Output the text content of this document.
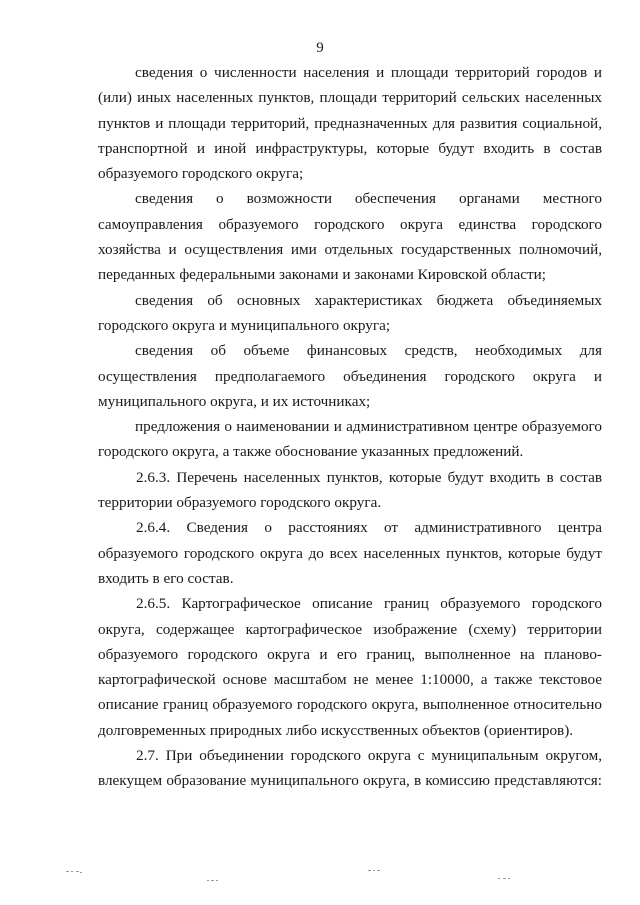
9

сведения о численности населения и площади территорий городов и (или) иных населенных пунктов, площади территорий сельских населенных пунктов и площади территорий, предназначенных для развития социальной, транспортной и иной инфраструктуры, которые будут входить в состав образуемого городского округа;

сведения о возможности обеспечения органами местного самоуправления образуемого городского округа единства городского хозяйства и осуществления ими отдельных государственных полномочий, переданных федеральными законами и законами Кировской области;

сведения об основных характеристиках бюджета объединяемых городского округа и муниципального округа;

сведения об объеме финансовых средств, необходимых для осуществления предполагаемого объединения городского округа и муниципального округа, и их источниках;

предложения о наименовании и административном центре образуемого городского округа, а также обоснование указанных предложений.

2.6.3. Перечень населенных пунктов, которые будут входить в состав территории образуемого городского округа.

2.6.4. Сведения о расстояниях от административного центра образуемого городского округа до всех населенных пунктов, которые будут входить в его состав.

2.6.5. Картографическое описание границ образуемого городского округа, содержащее картографическое изображение (схему) территории образуемого городского округа и его границ, выполненное на планово-картографической основе масштабом не менее 1:10000, а также текстовое описание границ образуемого городского округа, выполненное относительно долговременных природных либо искусственных объектов (ориентиров).

2.7. При объединении городского округа с муниципальным округом, влекущем образование муниципального округа, в комиссию представляются:
